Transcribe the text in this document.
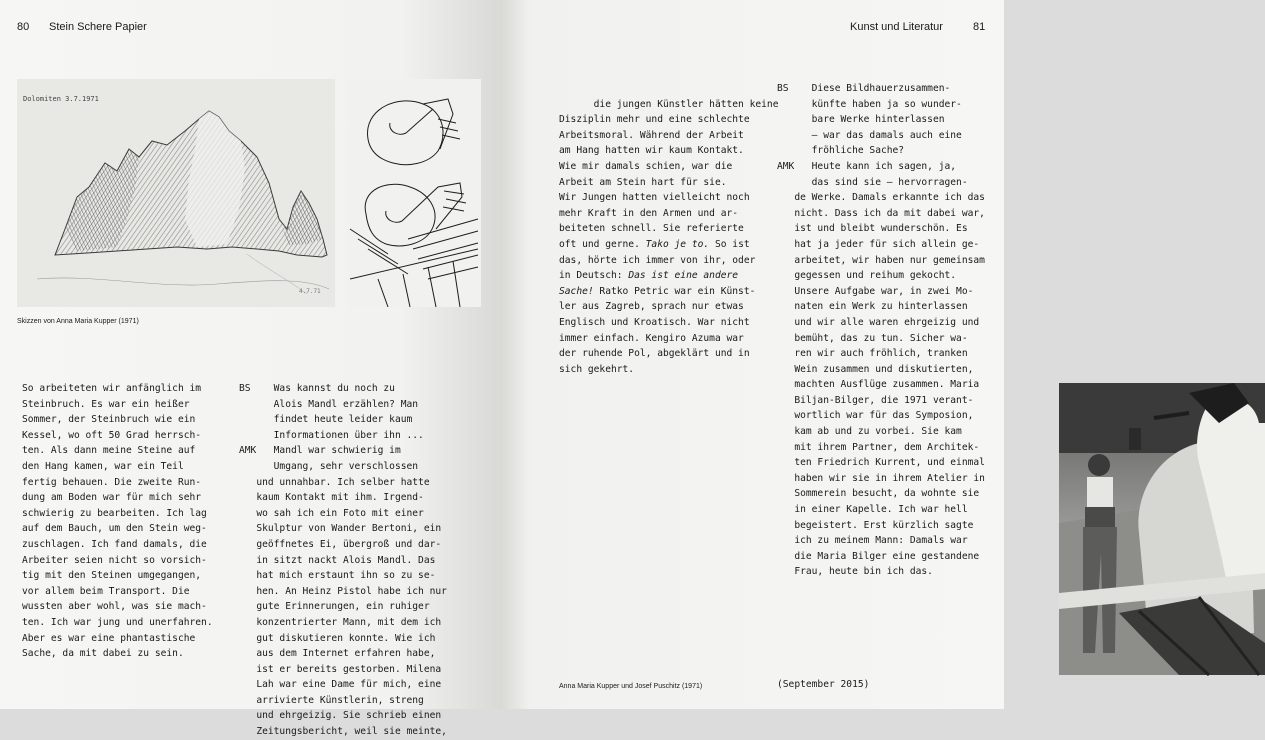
80 Stein Schere Papier
Dolomiten 3.7.1971
4.7.71
Skizzen von Anna Maria Kupper (1971)
So arbeiteten wir anfänglich im
Steinbruch. Es war ein heißer
Sommer, der Steinbruch wie ein
Kessel, wo oft 50 Grad herrsch-
ten. Als dann meine Steine auf
den Hang kamen, war ein Teil
fertig behauen. Die zweite Run-
dung am Boden war für mich sehr
schwierig zu bearbeiten. Ich lag
auf dem Bauch, um den Stein weg-
zuschlagen. Ich fand damals, die
Arbeiter seien nicht so vorsich-
tig mit den Steinen umgegangen,
vor allem beim Transport. Die
wussten aber wohl, was sie mach-
ten. Ich war jung und unerfahren.
Aber es war eine phantastische
Sache, da mit dabei zu sein.
BS    Was kannst du noch zu
Alois Mandl erzählen? Man
findet heute leider kaum
Informationen über ihn ...
AMK   Mandl war schwierig im
Umgang, sehr verschlossen
und unnahbar. Ich selber hatte
kaum Kontakt mit ihm. Irgend-
wo sah ich ein Foto mit einer
Skulptur von Wander Bertoni, ein
geöffnetes Ei, übergroß und dar-
in sitzt nackt Alois Mandl. Das
hat mich erstaunt ihn so zu se-
hen. An Heinz Pistol habe ich nur
gute Erinnerungen, ein ruhiger
konzentrierter Mann, mit dem ich
gut diskutieren konnte. Wie ich
aus dem Internet erfahren habe,
ist er bereits gestorben. Milena
Lah war eine Dame für mich, eine
arrivierte Künstlerin, streng
und ehrgeizig. Sie schrieb einen
Zeitungsbericht, weil sie meinte,
Kunst und Literatur	81

die jungen Künstler hätten keine
Disziplin mehr und eine schlechte
Arbeitsmoral. Während der Arbeit
am Hang hatten wir kaum Kontakt.
Wie mir damals schien, war die
Arbeit am Stein hart für sie.
Wir Jungen hatten vielleicht noch
mehr Kraft in den Armen und ar-
beiteten schnell. Sie referierte
oft und gerne. Tako je to. So ist
das, hörte ich immer von ihr, oder
in Deutsch: Das ist eine andere
Sache! Ratko Petric war ein Künst-
ler aus Zagreb, sprach nur etwas
Englisch und Kroatisch. War nicht
immer einfach. Kengiro Azuma war
der ruhende Pol, abgeklärt und in
sich gekehrt.
BS    Diese Bildhauerzusammen-
künfte haben ja so wunder-
bare Werke hinterlassen
– war das damals auch eine
fröhliche Sache?
AMK   Heute kann ich sagen, ja,
das sind sie – hervorragen-
de Werke. Damals erkannte ich das
nicht. Dass ich da mit dabei war,
ist und bleibt wunderschön. Es
hat ja jeder für sich allein ge-
arbeitet, wir haben nur gemeinsam
gegessen und reihum gekocht.
Unsere Aufgabe war, in zwei Mo-
naten ein Werk zu hinterlassen
und wir alle waren ehrgeizig und
bemüht, das zu tun. Sicher wa-
ren wir auch fröhlich, tranken
Wein zusammen und diskutierten,
machten Ausflüge zusammen. Maria
Biljan-Bilger, die 1971 verant-
wortlich war für das Symposion,
kam ab und zu vorbei. Sie kam
mit ihrem Partner, dem Architek-
ten Friedrich Kurrent, und einmal
haben wir sie in ihrem Atelier in
Sommerein besucht, da wohnte sie
in einer Kapelle. Ich war hell
begeistert. Erst kürzlich sagte
ich zu meinem Mann: Damals war
die Maria Bilger eine gestandene
Frau, heute bin ich das.
Anna Maria Kupper und Josef Puschitz (1971)	(September 2015)
